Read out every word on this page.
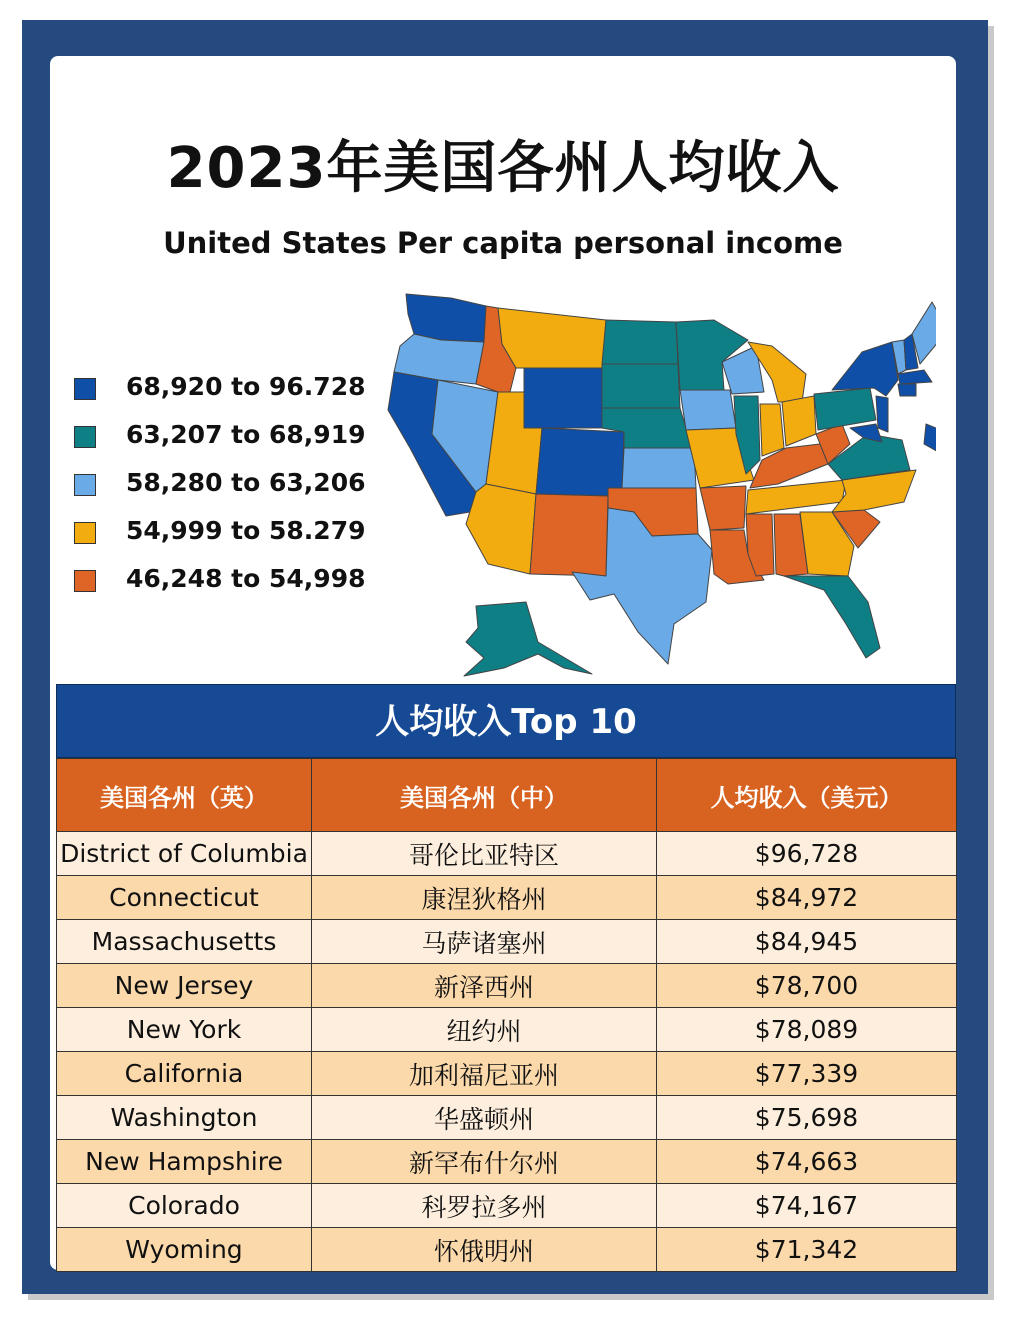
2023年美国各州人均收入
United States Per capita personal income
68,920 to 96.728
63,207 to 68,919
58,280 to 63,206
54,999 to 58.279
46,248 to 54,998
人均收入Top 10
美国各州（英）	美国各州（中）	人均收入（美元）
District of Columbia	哥伦比亚特区	$96,728
Connecticut	康涅狄格州	$84,972
Massachusetts	马萨诸塞州	$84,945
New Jersey	新泽西州	$78,700
New York	纽约州	$78,089
California	加利福尼亚州	$77,339
Washington	华盛顿州	$75,698
New Hampshire	新罕布什尔州	$74,663
Colorado	科罗拉多州	$74,167
Wyoming	怀俄明州	$71,342
